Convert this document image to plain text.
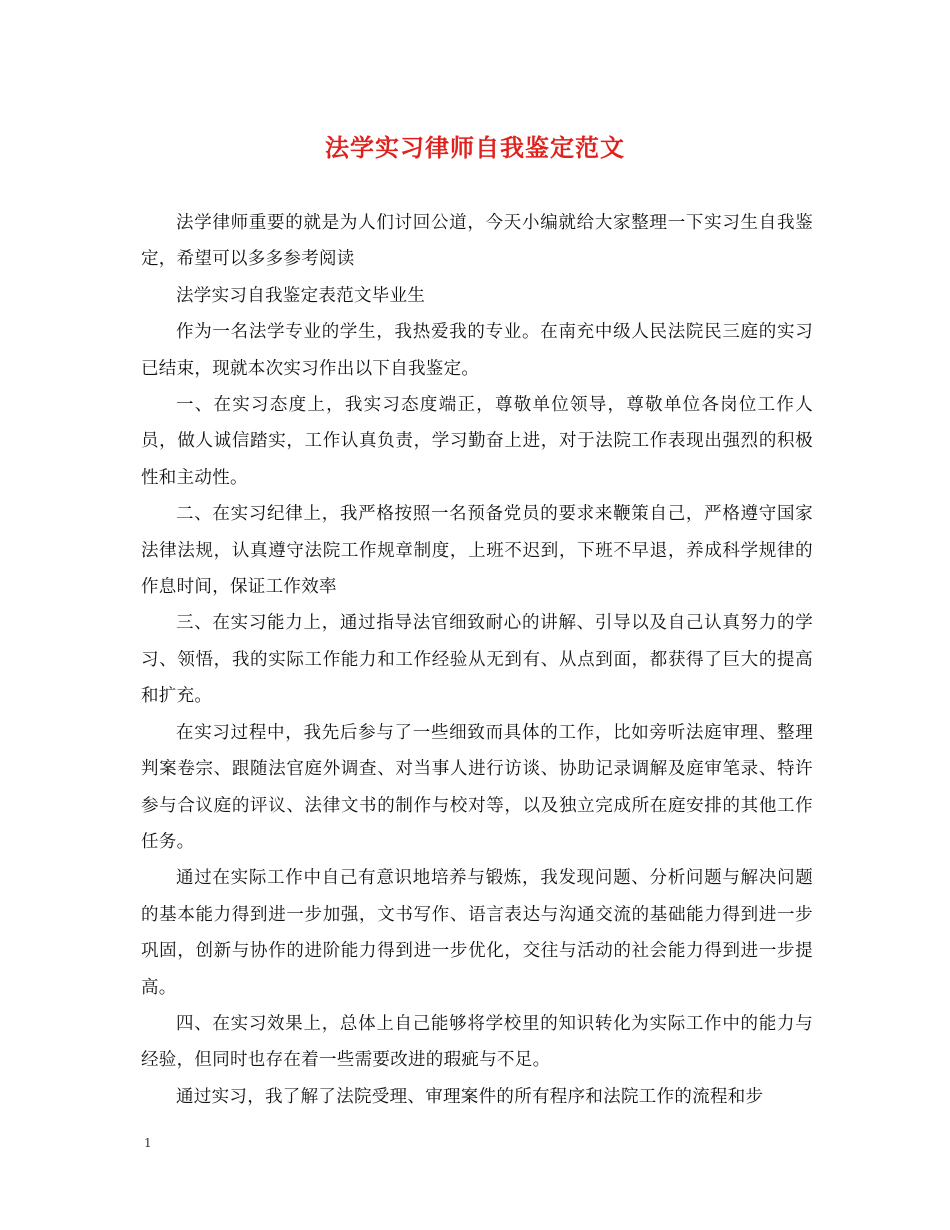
法学实习律师自我鉴定范文

法学律师重要的就是为人们讨回公道，今天小编就给大家整理一下实习生自我鉴定，希望可以多多参考阅读

法学实习自我鉴定表范文毕业生

作为一名法学专业的学生，我热爱我的专业。在南充中级人民法院民三庭的实习已结束，现就本次实习作出以下自我鉴定。

一、在实习态度上，我实习态度端正，尊敬单位领导，尊敬单位各岗位工作人员，做人诚信踏实，工作认真负责，学习勤奋上进，对于法院工作表现出强烈的积极性和主动性。

二、在实习纪律上，我严格按照一名预备党员的要求来鞭策自己，严格遵守国家法律法规，认真遵守法院工作规章制度，上班不迟到，下班不早退，养成科学规律的作息时间，保证工作效率

三、在实习能力上，通过指导法官细致耐心的讲解、引导以及自己认真努力的学习、领悟，我的实际工作能力和工作经验从无到有、从点到面，都获得了巨大的提高和扩充。

在实习过程中，我先后参与了一些细致而具体的工作，比如旁听法庭审理、整理判案卷宗、跟随法官庭外调查、对当事人进行访谈、协助记录调解及庭审笔录、特许参与合议庭的评议、法律文书的制作与校对等，以及独立完成所在庭安排的其他工作任务。

通过在实际工作中自己有意识地培养与锻炼，我发现问题、分析问题与解决问题的基本能力得到进一步加强，文书写作、语言表达与沟通交流的基础能力得到进一步巩固，创新与协作的进阶能力得到进一步优化，交往与活动的社会能力得到进一步提高。

四、在实习效果上，总体上自己能够将学校里的知识转化为实际工作中的能力与经验，但同时也存在着一些需要改进的瑕疵与不足。

通过实习，我了解了法院受理、审理案件的所有程序和法院工作的流程和步

1
